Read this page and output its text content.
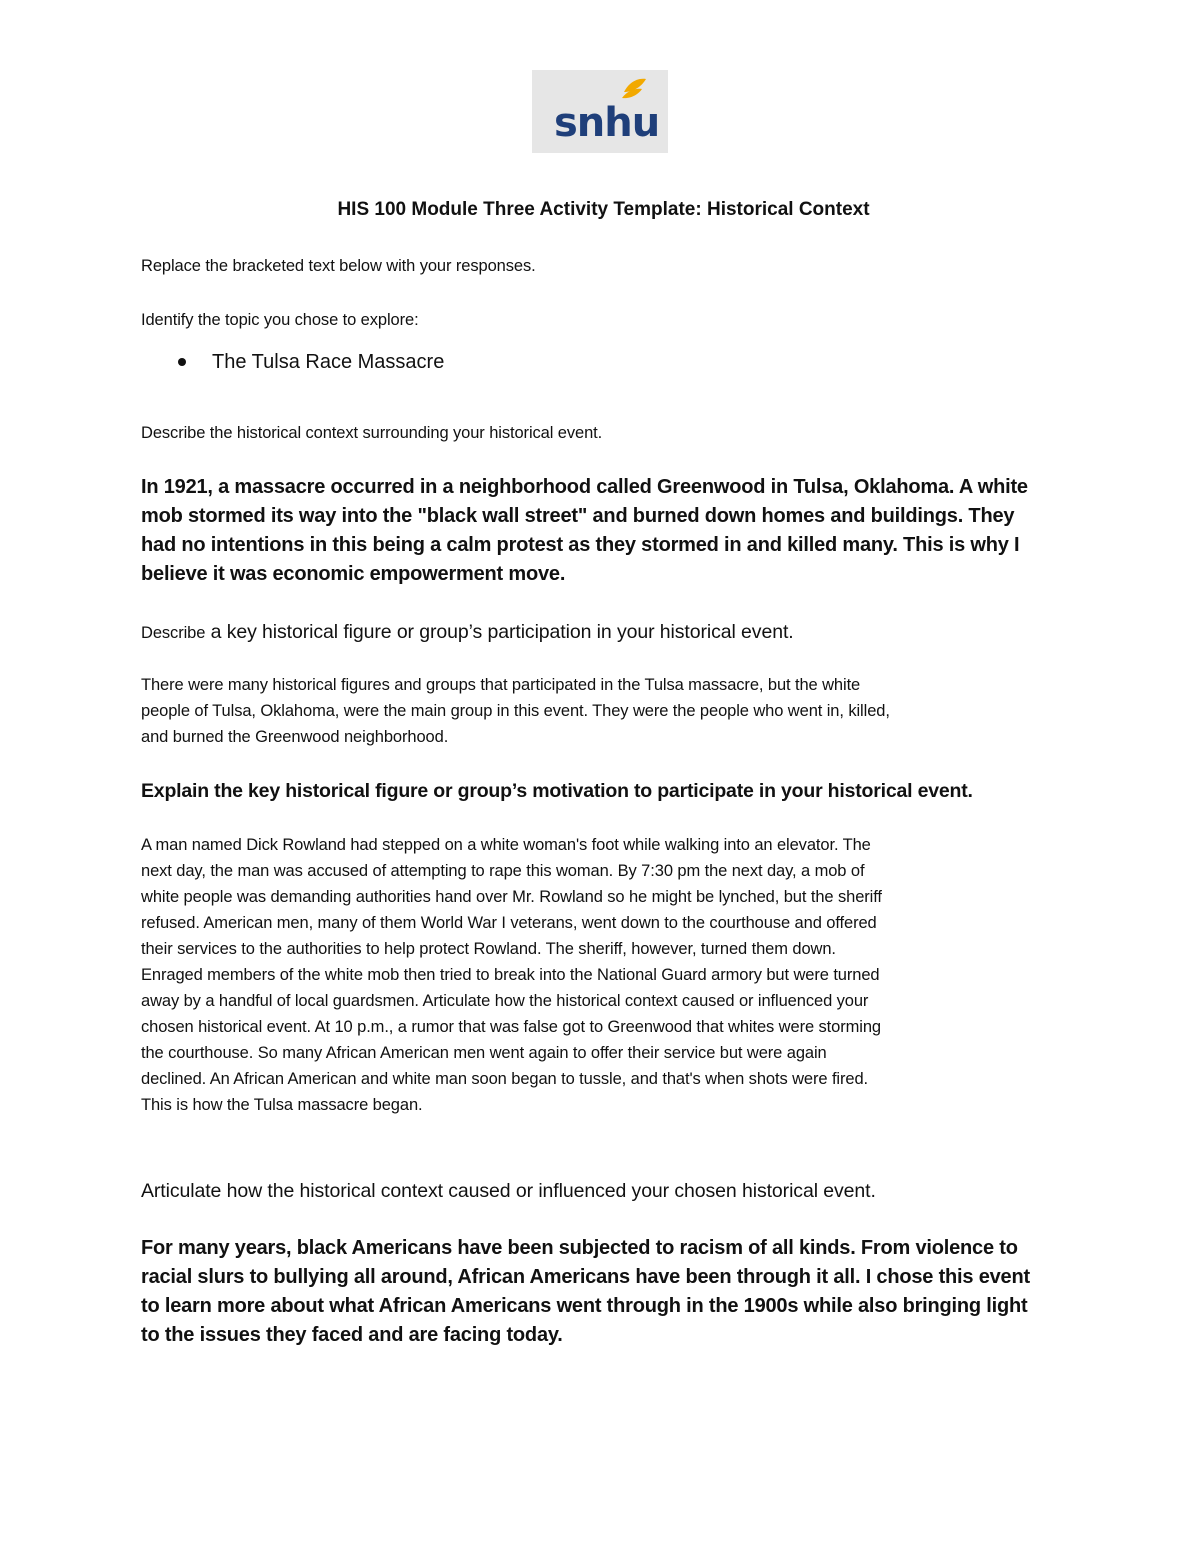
snhu
HIS 100 Module Three Activity Template: Historical Context
Replace the bracketed text below with your responses.
Identify the topic you chose to explore:
The Tulsa Race Massacre
Describe the historical context surrounding your historical event.
In 1921, a massacre occurred in a neighborhood called Greenwood in Tulsa, Oklahoma. A white
mob stormed its way into the "black wall street" and burned down homes and buildings. They
had no intentions in this being a calm protest as they stormed in and killed many. This is why I
believe it was economic empowerment move.
Describe a key historical figure or group’s participation in your historical event.
There were many historical figures and groups that participated in the Tulsa massacre, but the white
people of Tulsa, Oklahoma, were the main group in this event. They were the people who went in, killed,
and burned the Greenwood neighborhood.
Explain the key historical figure or group’s motivation to participate in your historical event.
A man named Dick Rowland had stepped on a white woman's foot while walking into an elevator. The
next day, the man was accused of attempting to rape this woman. By 7:30 pm the next day, a mob of
white people was demanding authorities hand over Mr. Rowland so he might be lynched, but the sheriff
refused. American men, many of them World War I veterans, went down to the courthouse and offered
their services to the authorities to help protect Rowland. The sheriff, however, turned them down.
Enraged members of the white mob then tried to break into the National Guard armory but were turned
away by a handful of local guardsmen. Articulate how the historical context caused or influenced your
chosen historical event. At 10 p.m., a rumor that was false got to Greenwood that whites were storming
the courthouse. So many African American men went again to offer their service but were again
declined. An African American and white man soon began to tussle, and that's when shots were fired.
This is how the Tulsa massacre began.
Articulate how the historical context caused or influenced your chosen historical event.
For many years, black Americans have been subjected to racism of all kinds. From violence to
racial slurs to bullying all around, African Americans have been through it all. I chose this event
to learn more about what African Americans went through in the 1900s while also bringing light
to the issues they faced and are facing today.
